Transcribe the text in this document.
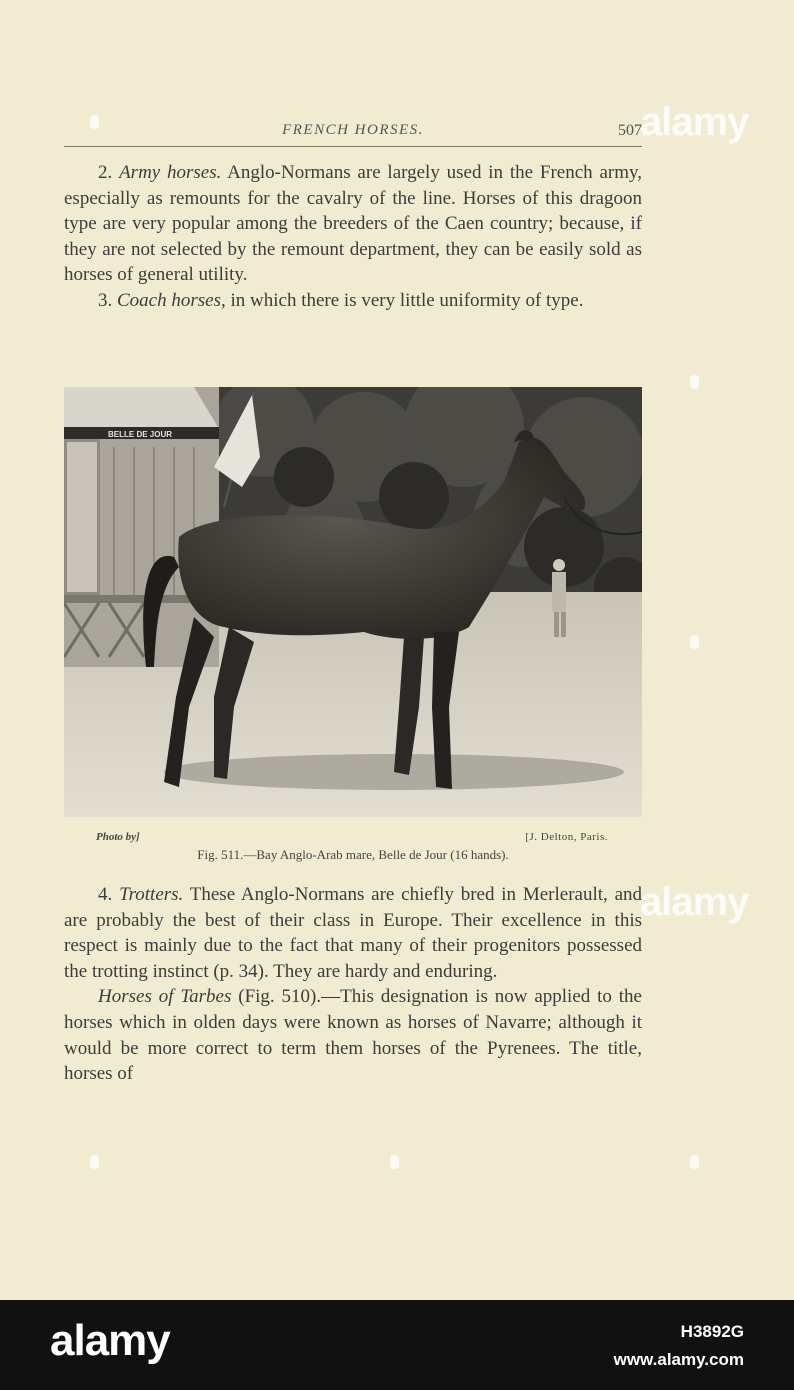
FRENCH HORSES.	507

2. Army horses. Anglo-Normans are largely used in the French army, especially as remounts for the cavalry of the line. Horses of this dragoon type are very popular among the breeders of the Caen country; because, if they are not selected by the remount department, they can be easily sold as horses of general utility.

3. Coach horses, in which there is very little uniformity of type.

BELLE DE JOUR
Photo by]	[J. Delton, Paris.
Fig. 511.—Bay Anglo-Arab mare, Belle de Jour (16 hands).

4. Trotters. These Anglo-Normans are chiefly bred in Merlerault, and are probably the best of their class in Europe. Their excellence in this respect is mainly due to the fact that many of their progenitors possessed the trotting instinct (p. 34). They are hardy and enduring.

Horses of Tarbes (Fig. 510).—This designation is now applied to the horses which in olden days were known as horses of Navarre; although it would be more correct to term them horses of the Pyrenees. The title, horses of

alamy
alamy
alamy	H3892G
www.alamy.com
